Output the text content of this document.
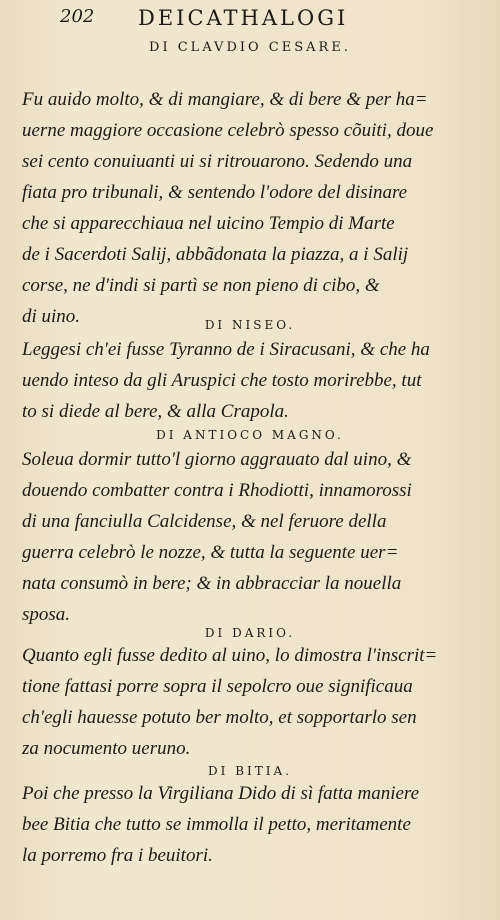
202 DEICATHALOGI
DI CLAVDIO CESARE.
Fu auido molto, & di mangiare, & di bere & per ha=
uerne maggiore occasione celebrò spesso cõuiti, doue
sei cento conuiuanti ui si ritrouarono. Sedendo una
fiata pro tribunali, & sentendo l'odore del disinare
che si apparecchiaua nel uicino Tempio di Marte
de i Sacerdoti Salij, abbãdonata la piazza, a i Salij
corse, ne d'indi si partì se non pieno di cibo, &
di uino.	DI NISEO.
Leggesi ch'ei fusse Tyranno de i Siracusani, & che ha
uendo inteso da gli Aruspici che tosto morirebbe, tut
to si diede al bere, & alla Crapola.
DI ANTIOCO MAGNO.
Soleua dormir tutto'l giorno aggrauato dal uino, &
douendo combatter contra i Rhodiotti, innamorossi
di una fanciulla Calcidense, & nel feruore della
guerra celebrò le nozze, & tutta la seguente uer=
nata consumò in bere; & in abbracciar la nouella
sposa.
DI DARIO.
Quanto egli fusse dedito al uino, lo dimostra l'inscrit=
tione fattasi porre sopra il sepolcro oue significaua
ch'egli hauesse potuto ber molto, et sopportarlo sen
za nocumento ueruno.
DI BITIA.
Poi che presso la Virgiliana Dido di sì fatta maniere
bee Bitia che tutto se immolla il petto, meritamente
la porremo fra i beuitori.
